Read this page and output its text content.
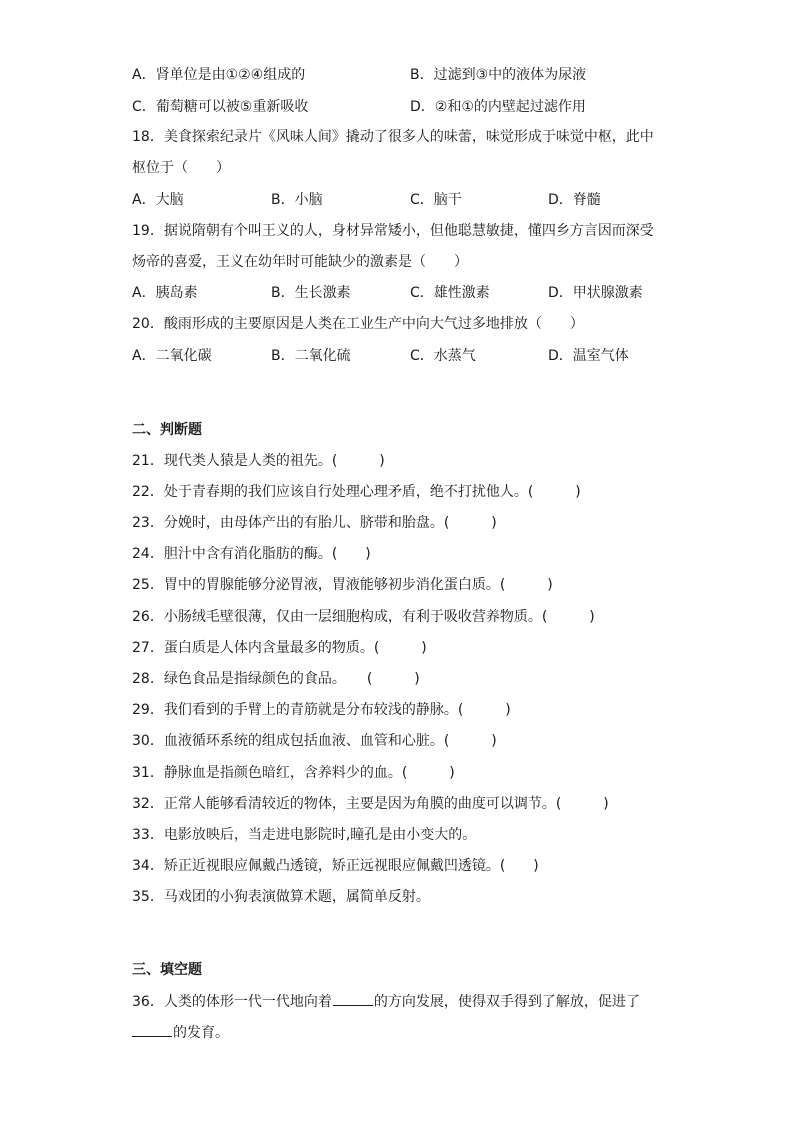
A．肾单位是由①②④组成的	B．过滤到③中的液体为尿液
C．葡萄糖可以被⑤重新吸收	D．②和①的内壁起过滤作用
18．美食探索纪录片《风味人间》撬动了很多人的味蕾，味觉形成于味觉中枢，此中
枢位于（　　）
A．大脑	B．小脑	C．脑干	D．脊髓
19．据说隋朝有个叫王义的人，身材异常矮小，但他聪慧敏捷，懂四乡方言因而深受
炀帝的喜爱，王义在幼年时可能缺少的激素是（　　）
A．胰岛素	B．生长激素	C．雄性激素	D．甲状腺激素
20．酸雨形成的主要原因是人类在工业生产中向大气过多地排放（　　）
A．二氧化碳	B．二氧化硫	C．水蒸气	D．温室气体
二、判断题
21．现代类人猿是人类的祖先。(　　　)
22．处于青春期的我们应该自行处理心理矛盾，绝不打扰他人。(　　　)
23．分娩时，由母体产出的有胎儿、脐带和胎盘。(　　　)
24．胆汁中含有消化脂肪的酶。(　　)
25．胃中的胃腺能够分泌胃液，胃液能够初步消化蛋白质。(　　　)
26．小肠绒毛壁很薄，仅由一层细胞构成，有利于吸收营养物质。(　　　)
27．蛋白质是人体内含量最多的物质。(　　　)
28．绿色食品是指绿颜色的食品。　　(　　　)
29．我们看到的手臂上的青筋就是分布较浅的静脉。(　　　)
30．血液循环系统的组成包括血液、血管和心脏。(　　　)
31．静脉血是指颜色暗红，含养料少的血。(　　　)
32．正常人能够看清较近的物体，主要是因为角膜的曲度可以调节。(　　　)
33．电影放映后，当走进电影院时,瞳孔是由小变大的。
34．矫正近视眼应佩戴凸透镜，矫正远视眼应佩戴凹透镜。(　　)
35．马戏团的小狗表演做算术题，属简单反射。
三、填空题
36．人类的体形一代一代地向着	的方向发展，使得双手得到了解放，促进了
的发育。
